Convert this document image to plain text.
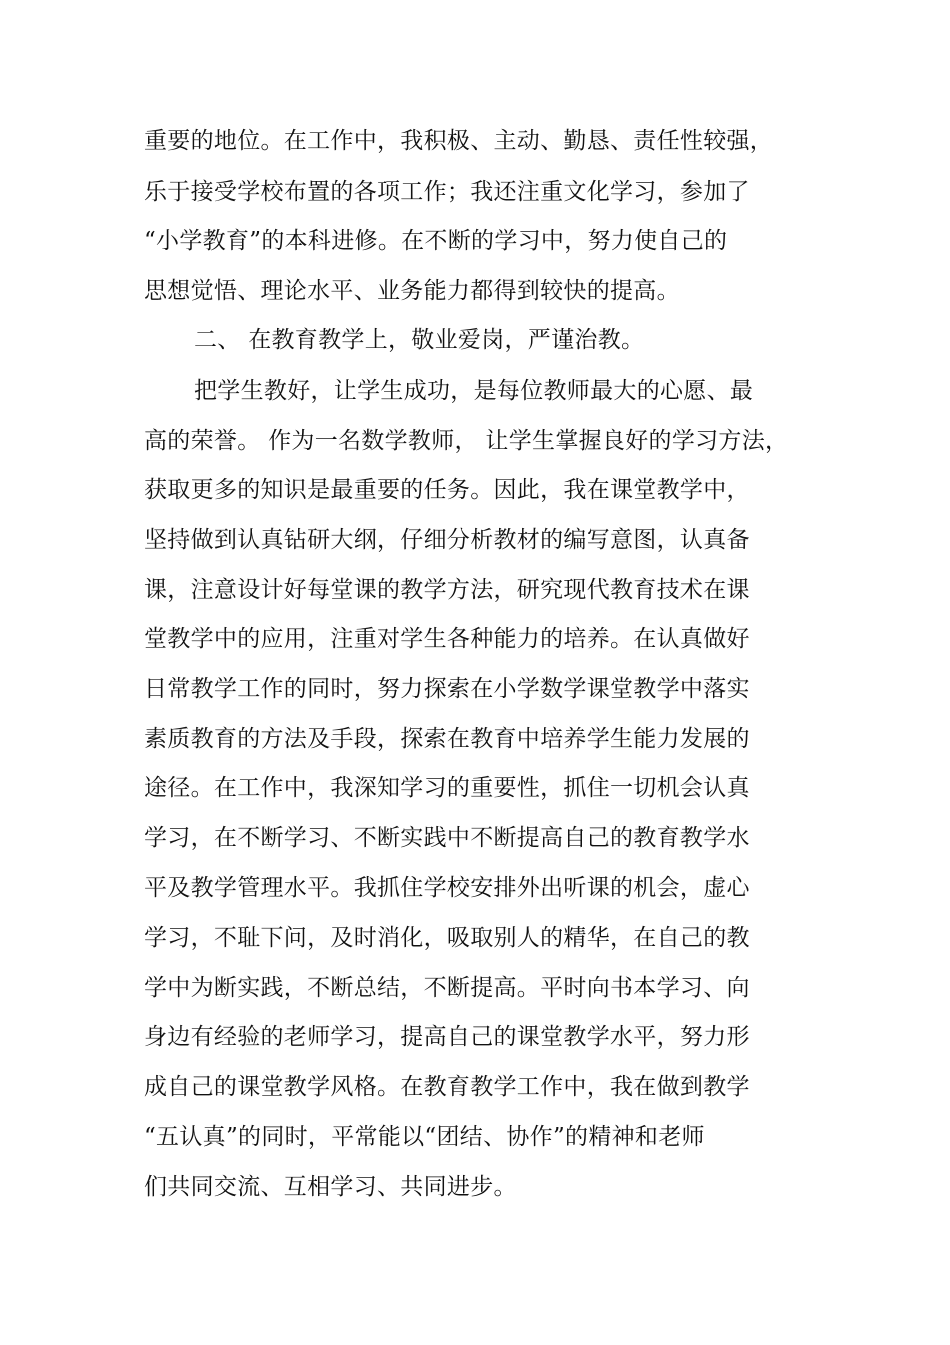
重要的地位。在工作中，我积极、主动、勤恳、责任性较强，
乐于接受学校布置的各项工作；我还注重文化学习，参加了
“小学教育”的本科进修。在不断的学习中，努力使自己的
思想觉悟、理论水平、业务能力都得到较快的提高。
二、 在教育教学上，敬业爱岗，严谨治教。
把学生教好，让学生成功，是每位教师最大的心愿、最
高的荣誉。 作为一名数学教师， 让学生掌握良好的学习方法，
获取更多的知识是最重要的任务。因此，我在课堂教学中，
坚持做到认真钻研大纲，仔细分析教材的编写意图，认真备
课，注意设计好每堂课的教学方法，研究现代教育技术在课
堂教学中的应用，注重对学生各种能力的培养。在认真做好
日常教学工作的同时，努力探索在小学数学课堂教学中落实
素质教育的方法及手段，探索在教育中培养学生能力发展的
途径。在工作中，我深知学习的重要性，抓住一切机会认真
学习，在不断学习、不断实践中不断提高自己的教育教学水
平及教学管理水平。我抓住学校安排外出听课的机会，虚心
学习，不耻下问，及时消化，吸取别人的精华，在自己的教
学中为断实践，不断总结，不断提高。平时向书本学习、向
身边有经验的老师学习，提高自己的课堂教学水平，努力形
成自己的课堂教学风格。在教育教学工作中，我在做到教学
“五认真”的同时，平常能以“团结、协作”的精神和老师
们共同交流、互相学习、共同进步。
